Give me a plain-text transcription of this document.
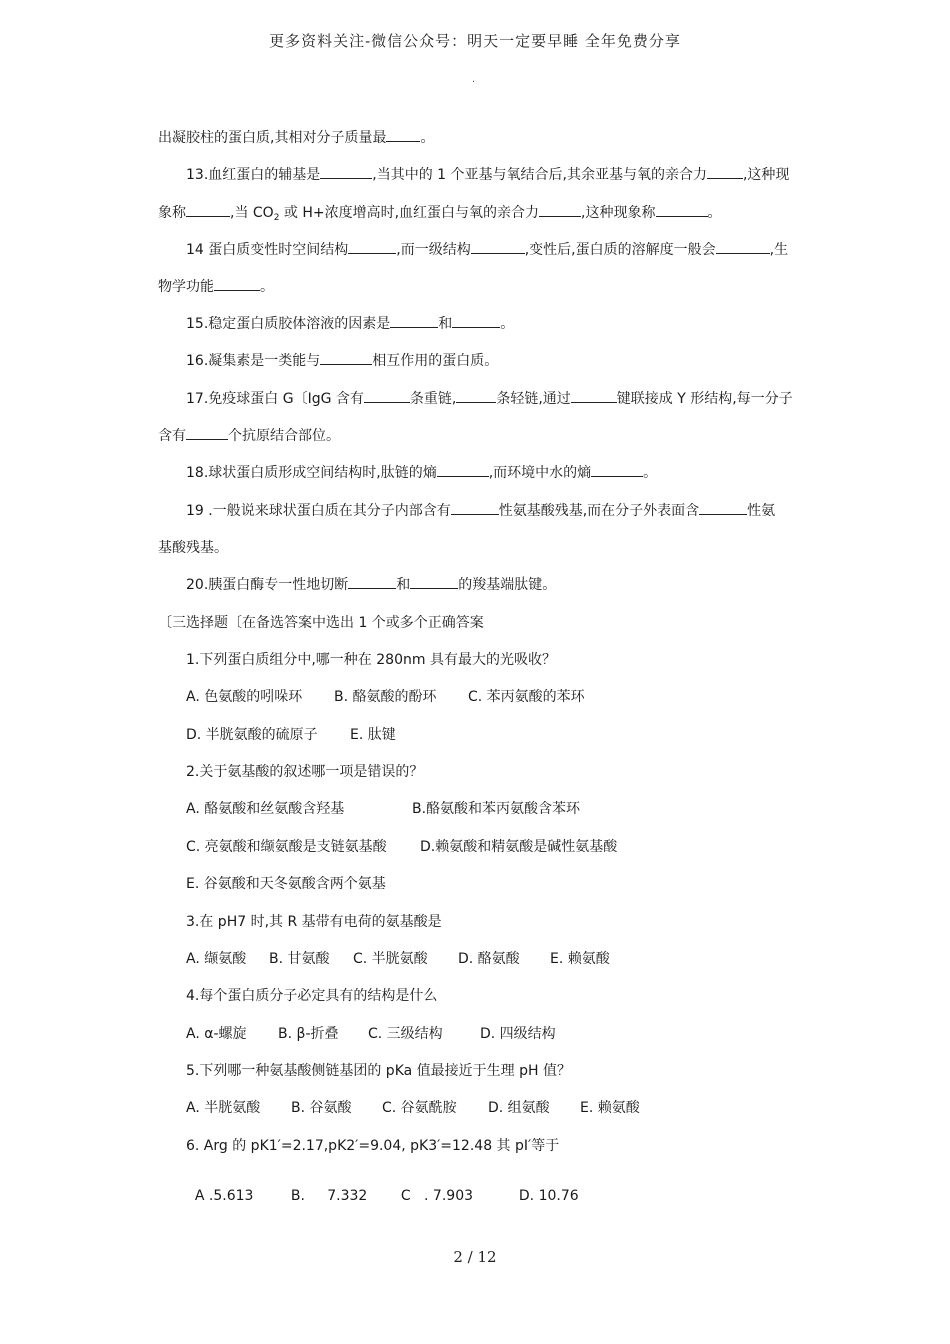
更多资料关注-微信公众号：明天一定要早睡 全年免费分享
.
出凝胶柱的蛋白质,其相对分子质量最 。
13.血红蛋白的辅基是	,当其中的 1 个亚基与氧结合后,其余亚基与氧的亲合力	,这种现
象称	,当 $CO_2$ 或 H+浓度增高时,血红蛋白与氧的亲合力	,这种现象称	。
14 蛋白质变性时空间结构	,而一级结构	,变性后,蛋白质的溶解度一般会	,生
物学功能	。
15.稳定蛋白质胶体溶液的因素是	和	。
16.凝集素是一类能与	相互作用的蛋白质。
17.免疫球蛋白 G〔IgG 含有	条重链,	条轻链,通过	键联接成 Y 形结构,每一分子
含有	个抗原结合部位。
18.球状蛋白质形成空间结构时,肽链的熵	,而环境中水的熵	。
19 .一般说来球状蛋白质在其分子内部含有	性氨基酸残基,而在分子外表面含	性氨
基酸残基。
20.胰蛋白酶专一性地切断	和	的羧基端肽键。
〔三选择题〔在备选答案中选出 1 个或多个正确答案
1.下列蛋白质组分中,哪一种在 280nm 具有最大的光吸收？
A. 色氨酸的吲哚环 B. 酪氨酸的酚环 C. 苯丙氨酸的苯环
D. 半胱氨酸的硫原子 E. 肽键
2.关于氨基酸的叙述哪一项是错误的？
A. 酪氨酸和丝氨酸含羟基	B.酪氨酸和苯丙氨酸含苯环
C. 亮氨酸和缬氨酸是支链氨基酸 D.赖氨酸和精氨酸是碱性氨基酸
E. 谷氨酸和天冬氨酸含两个氨基
3.在 pH7 时,其 R 基带有电荷的氨基酸是
A. 缬氨酸 B. 甘氨酸 C. 半胱氨酸 D. 酪氨酸 E. 赖氨酸
4.每个蛋白质分子必定具有的结构是什么
A. α-螺旋 B. β-折叠 C. 三级结构	D. 四级结构
5.下列哪一种氨基酸侧链基团的 pKa 值最接近于生理 pH 值？
A. 半胱氨酸 B. 谷氨酸 C. 谷氨酰胺 D. 组氨酸 E. 赖氨酸
6. Arg 的 pK1′=2.17,pK2′=9.04, pK3′=12.48 其 pI′等于

A .5.613	B.     7.332 C   . 7.903	D. 10.76

2 / 12
